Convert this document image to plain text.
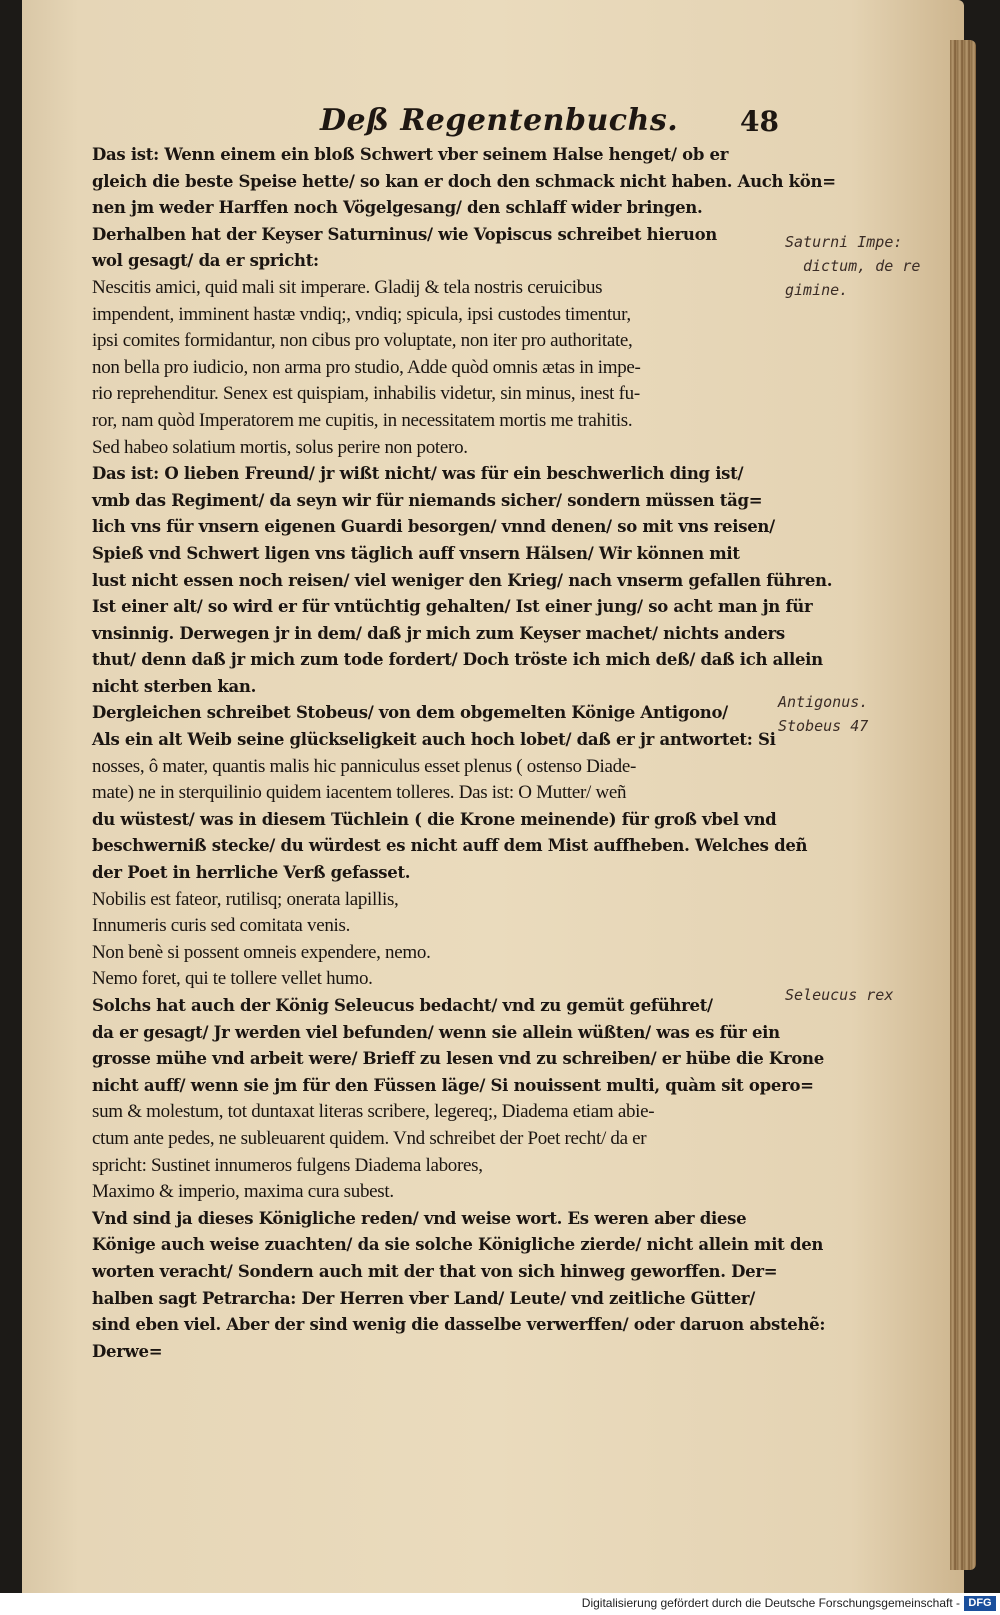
Deß Regentenbuchs. 48
Das ist: Wenn einem ein bloß Schwert vber seinem Halse henget/ ob er
gleich die beste Speise hette/ so kan er doch den schmack nicht haben. Auch kön=
nen jm weder Harffen noch Vögelgesang/ den schlaff wider bringen.
Derhalben hat der Keyser Saturninus/ wie Vopiscus schreibet hieruon
wol gesagt/ da er spricht:
Nescitis amici, quid mali sit imperare. Gladij & tela nostris ceruicibus
impendent, imminent hastæ vndiq;, vndiq; spicula, ipsi custodes timentur,
ipsi comites formidantur, non cibus pro voluptate, non iter pro authoritate,
non bella pro iudicio, non arma pro studio, Adde quòd omnis ætas in impe-
rio reprehenditur. Senex est quispiam, inhabilis videtur, sin minus, inest fu-
ror, nam quòd Imperatorem me cupitis, in necessitatem mortis me trahitis.
Sed habeo solatium mortis, solus perire non potero.
Das ist: O lieben Freund/ jr wißt nicht/ was für ein beschwerlich ding ist/
vmb das Regiment/ da seyn wir für niemands sicher/ sondern müssen täg=
lich vns für vnsern eigenen Guardi besorgen/ vnnd denen/ so mit vns reisen/
Spieß vnd Schwert ligen vns täglich auff vnsern Hälsen/ Wir können mit
lust nicht essen noch reisen/ viel weniger den Krieg/ nach vnserm gefallen führen.
Ist einer alt/ so wird er für vntüchtig gehalten/ Ist einer jung/ so acht man jn für
vnsinnig. Derwegen jr in dem/ daß jr mich zum Keyser machet/ nichts anders
thut/ denn daß jr mich zum tode fordert/ Doch tröste ich mich deß/ daß ich allein
nicht sterben kan.
Dergleichen schreibet Stobeus/ von dem obgemelten Könige Antigono/
Als ein alt Weib seine glückseligkeit auch hoch lobet/ daß er jr antwortet: Si
nosses, ô mater, quantis malis hic panniculus esset plenus ( ostenso Diade-
mate) ne in sterquilinio quidem iacentem tolleres. Das ist: O Mutter/ weñ
du wüstest/ was in diesem Tüchlein ( die Krone meinende) für groß vbel vnd
beschwerniß stecke/ du würdest es nicht auff dem Mist auffheben. Welches deñ
der Poet in herrliche Verß gefasset.
Nobilis est fateor, rutilisq; onerata lapillis,
Innumeris curis sed comitata venis.
Non benè si possent omneis expendere, nemo.
Nemo foret, qui te tollere vellet humo.
Solchs hat auch der König Seleucus bedacht/ vnd zu gemüt geführet/
da er gesagt/ Jr werden viel befunden/ wenn sie allein wüßten/ was es für ein
grosse mühe vnd arbeit were/ Brieff zu lesen vnd zu schreiben/ er hübe die Krone
nicht auff/ wenn sie jm für den Füssen läge/ Si nouissent multi, quàm sit opero=
sum & molestum, tot duntaxat literas scribere, legereq;, Diadema etiam abie-
ctum ante pedes, ne subleuarent quidem. Vnd schreibet der Poet recht/ da er
spricht: Sustinet innumeros fulgens Diadema labores,
Maximo & imperio, maxima cura subest.
Vnd sind ja dieses Königliche reden/ vnd weise wort. Es weren aber diese
Könige auch weise zuachten/ da sie solche Königliche zierde/ nicht allein mit den
worten veracht/ Sondern auch mit der that von sich hinweg geworffen. Der=
halben sagt Petrarcha: Der Herren vber Land/ Leute/ vnd zeitliche Gütter/
sind eben viel. Aber der sind wenig die dasselbe verwerffen/ oder daruon abstehẽ:
Derwe=
Saturni Impe:
dictum, de re
gimine.
Antigonus.
Stobeus 47
Seleucus rex
Digitalisierung gefördert durch die Deutsche Forschungsgemeinschaft - DFG
